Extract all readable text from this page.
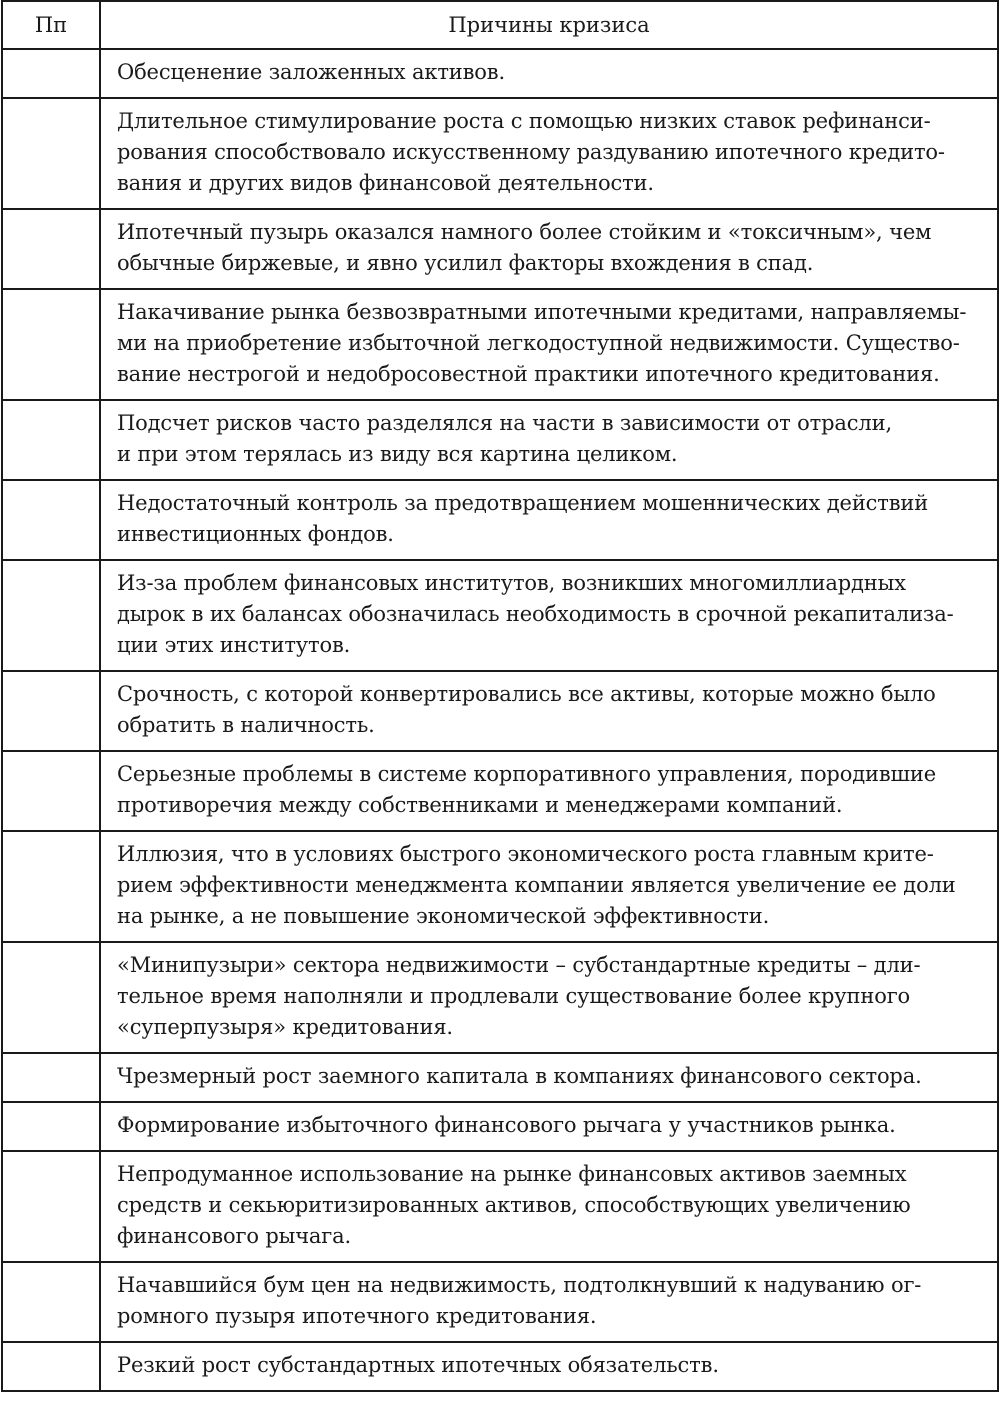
Пп	Причины кризиса

	Обесценение заложенных активов.

	Длительное стимулирование роста с помощью низких ставок рефинанси-
рования способствовало искусственному раздуванию ипотечного кредито-
вания и других видов финансовой деятельности.

	Ипотечный пузырь оказался намного более стойким и «токсичным», чем
обычные биржевые, и явно усилил факторы вхождения в спад.

	Накачивание рынка безвозвратными ипотечными кредитами, направляемы-
ми на приобретение избыточной легкодоступной недвижимости. Существо-
вание нестрогой и недобросовестной практики ипотечного кредитования.

	Подсчет рисков часто разделялся на части в зависимости от отрасли,
и при этом терялась из виду вся картина целиком.

	Недостаточный контроль за предотвращением мошеннических действий
инвестиционных фондов.

	Из-за проблем финансовых институтов, возникших многомиллиардных
дырок в их балансах обозначилась необходимость в срочной рекапитализа-
ции этих институтов.

	Срочность, с которой конвертировались все активы, которые можно было
обратить в наличность.

	Серьезные проблемы в системе корпоративного управления, породившие
противоречия между собственниками и менеджерами компаний.

	Иллюзия, что в условиях быстрого экономического роста главным крите-
рием эффективности менеджмента компании является увеличение ее доли
на рынке, а не повышение экономической эффективности.

	«Минипузыри» сектора недвижимости – субстандартные кредиты – дли-
тельное время наполняли и продлевали существование более крупного
«суперпузыря» кредитования.

	Чрезмерный рост заемного капитала в компаниях финансового сектора.

	Формирование избыточного финансового рычага у участников рынка.

	Непродуманное использование на рынке финансовых активов заемных
средств и секьюритизированных активов, способствующих увеличению
финансового рычага.

	Начавшийся бум цен на недвижимость, подтолкнувший к надуванию ог-
ромного пузыря ипотечного кредитования.

	Резкий рост субстандартных ипотечных обязательств.
